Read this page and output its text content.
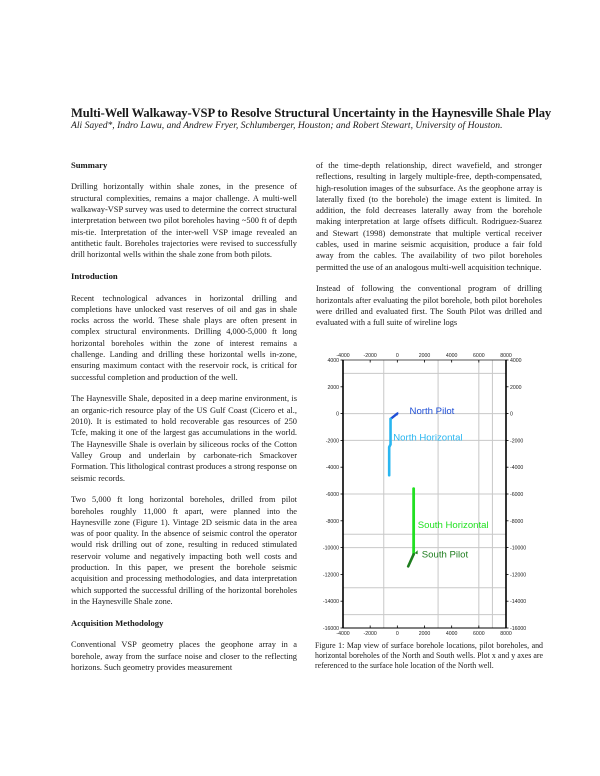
Multi-Well Walkaway-VSP to Resolve Structural Uncertainty in the Haynesville Shale Play
Ali Sayed*, Indro Lawu, and Andrew Fryer, Schlumberger, Houston; and Robert Stewart, University of Houston.
Summary

Drilling horizontally within shale zones, in the presence of structural complexities, remains a major challenge. A multi-well walkaway-VSP survey was used to determine the correct structural interpretation between two pilot boreholes having ~500 ft of depth mis-tie. Interpretation of the inter-well VSP image revealed an antithetic fault. Boreholes trajectories were revised to successfully drill horizontal wells within the shale zone from both pilots.

Introduction

Recent technological advances in horizontal drilling and completions have unlocked vast reserves of oil and gas in shale rocks across the world. These shale plays are often present in complex structural environments. Drilling 4,000-5,000 ft long horizontal boreholes within the zone of interest remains a challenge. Landing and drilling these horizontal wells in-zone, ensuring maximum contact with the reservoir rock, is critical for successful completion and production of the well.

The Haynesville Shale, deposited in a deep marine environment, is an organic-rich resource play of the US Gulf Coast (Cicero et al., 2010). It is estimated to hold recoverable gas resources of 250 Tcfe, making it one of the largest gas accumulations in the world. The Haynesville Shale is overlain by siliceous rocks of the Cotton Valley Group and underlain by carbonate-rich Smackover Formation. This lithological contrast produces a strong response on seismic records.

Two 5,000 ft long horizontal boreholes, drilled from pilot boreholes roughly 11,000 ft apart, were planned into the Haynesville zone (Figure 1). Vintage 2D seismic data in the area was of poor quality. In the absence of seismic control the operator would risk drilling out of zone, resulting in reduced stimulated reservoir volume and negatively impacting both well costs and production. In this paper, we present the borehole seismic acquisition and processing methodologies, and data interpretation which supported the successful drilling of the horizontal boreholes in the Haynesville Shale zone.

Acquisition Methodology

Conventional VSP geometry places the geophone array in a borehole, away from the surface noise and closer to the reflecting horizons. Such geometry provides measurement

of the time-depth relationship, direct wavefield, and stronger reflections, resulting in largely multiple-free, depth-compensated, high-resolution images of the subsurface. As the geophone array is laterally fixed (to the borehole) the image extent is limited. In addition, the fold decreases laterally away from the borehole making interpretation at large offsets difficult. Rodriguez-Suarez and Stewart (1998) demonstrate that multiple vertical receiver cables, used in marine seismic acquisition, produce a fair fold away from the cables. The availability of two pilot boreholes permitted the use of an analogous multi-well acquisition technique.

Instead of following the conventional program of drilling horizontals after evaluating the pilot borehole, both pilot boreholes were drilled and evaluated first. The South Pilot was drilled and evaluated with a full suite of wireline logs

-4000
-4000
-2000
-2000
0
0
2000
2000
4000
4000
6000
6000
8000
8000
4000	4000
2000	2000
0	0
-2000	-2000
-4000	-4000
-6000	-6000
-8000	-8000
-10000	-10000
-12000	-12000
-14000	-14000
-16000	-16000
North Pilot
North Horizontal
South Horizontal
South Pilot
Figure 1: Map view of surface borehole locations, pilot boreholes, and horizontal boreholes of the North and South wells. Plot x and y axes are referenced to the surface hole location of the North well.
